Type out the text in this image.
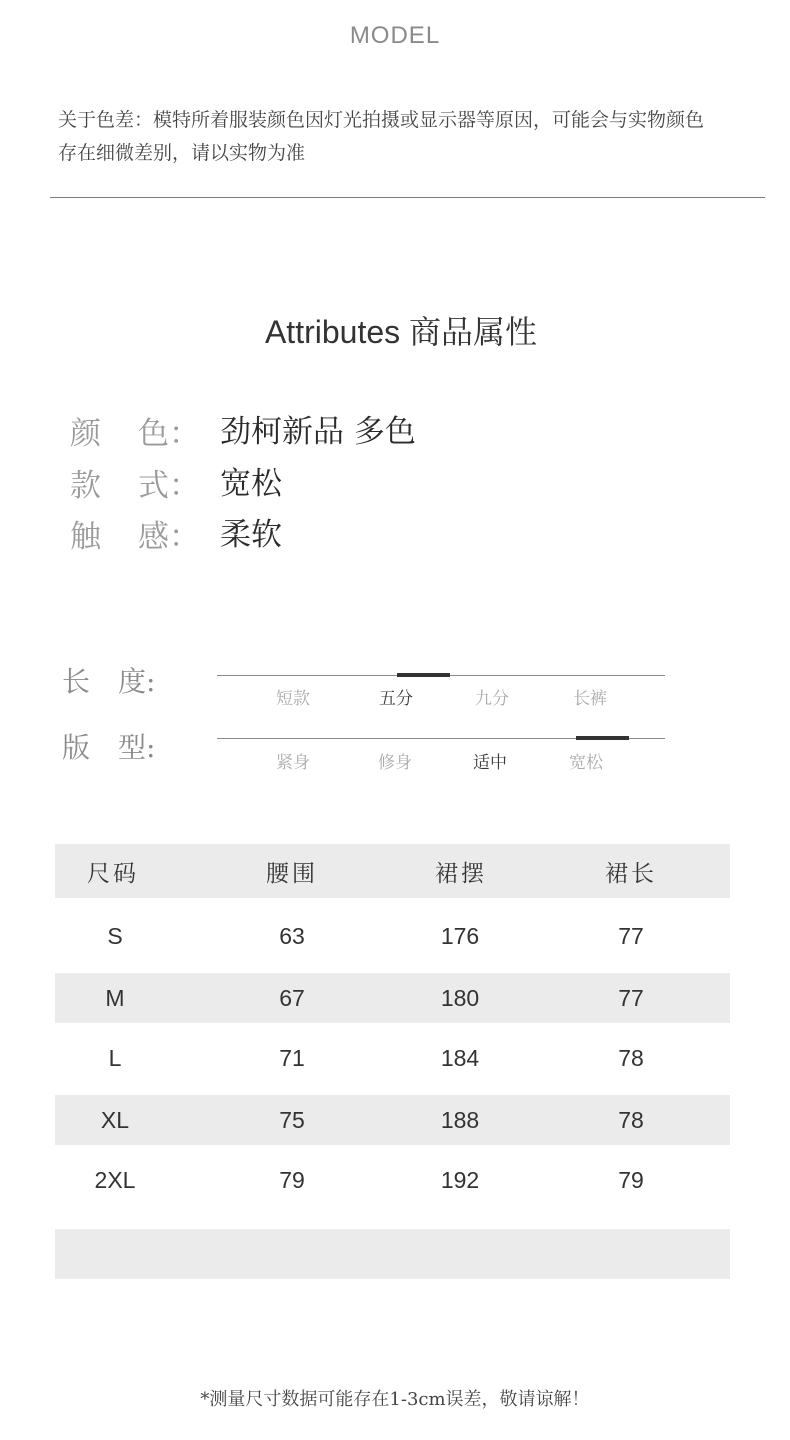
MODEL
关于色差：模特所着服装颜色因灯光拍摄或显示器等原因，可能会与实物颜色
存在细微差别，请以实物为准
Attributes 商品属性
颜 色： 劲柯新品 多色
款 式： 宽松
触 感： 柔软
长　度:
短款	五分	九分	长裤
版　型:	紧身	修身	适中	宽松
尺码	腰围	裙摆	裙长
S	63	176	77
M	67	180	77
L	71	184	78
XL	75	188	78
2XL	79	192	79
*测量尺寸数据可能存在1-3cm误差，敬请谅解！
